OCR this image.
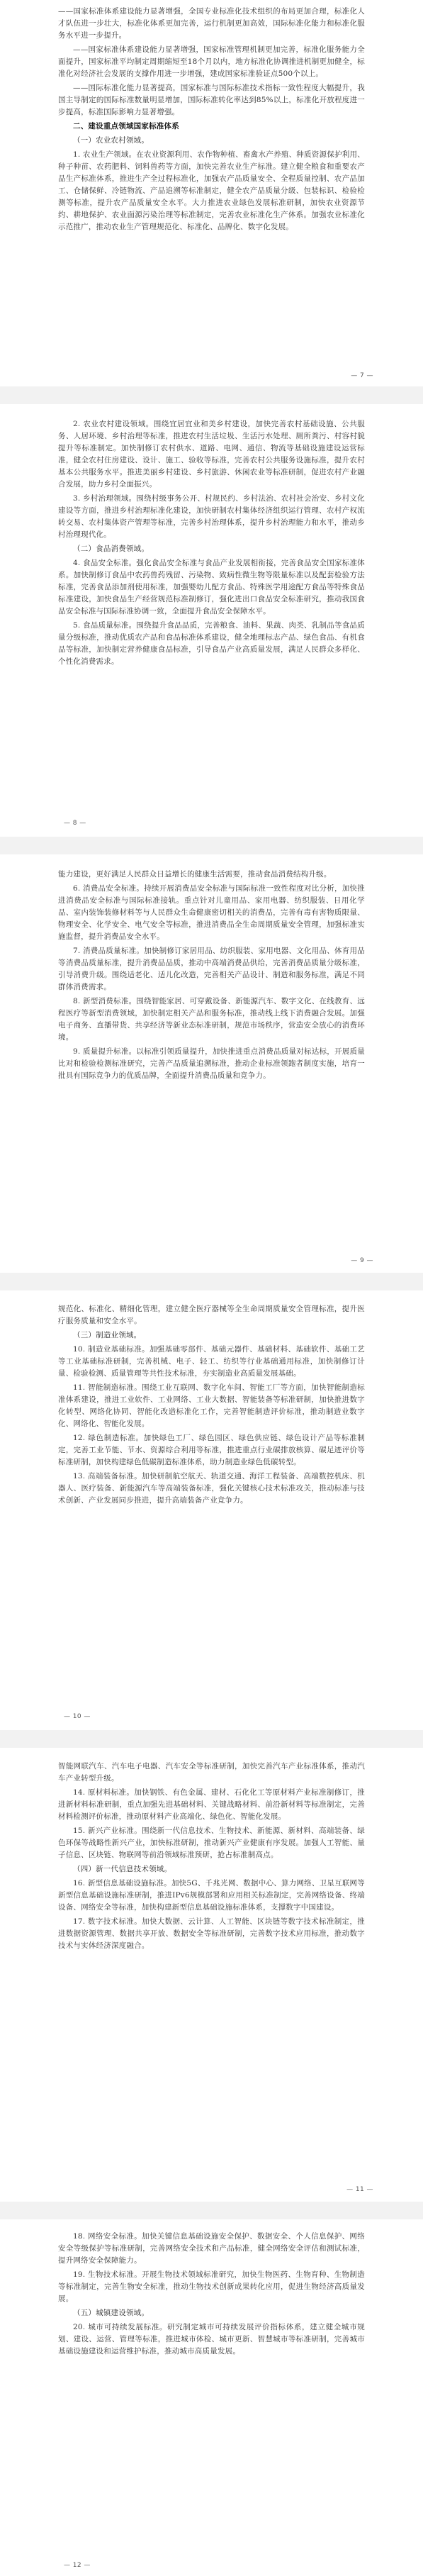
——国家标准体系建设能力显著增强，全国专业标准化技术组织的布局更加合理，标准化人才队伍进一步壮大，标准化体系更加完善，运行机制更加高效，国际标准化能力和标准化服务水平进一步提升。

——国家标准体系建设能力显著增强，国家标准管理机制更加完善，标准化服务能力全面提升，国家标准平均制定周期缩短至18个月以内，地方标准化协调推进机制更加健全，标准化对经济社会发展的支撑作用进一步增强，建成国家标准验证点500个以上。

——国际标准化能力显著提高，国家标准与国际标准技术指标一致性程度大幅提升，我国主导制定的国际标准数量明显增加，国际标准转化率达到85%以上，标准化开放程度进一步提高，标准国际影响力显著增强。

二、建设重点领域国家标准体系

（一）农业农村领域。

1. 农业生产领域。在农业资源利用、农作物种植、畜禽水产养殖、种质资源保护利用、种子种苗、农药肥料、饲料兽药等方面，加快完善农业生产标准。建立健全粮食和重要农产品生产标准体系，推进生产全过程标准化，加强农产品质量安全、全程质量控制、农产品加工、仓储保鲜、冷链物流、产品追溯等标准制定，健全农产品质量分级、包装标识、检验检测等标准，提升农产品质量安全水平。大力推进农业绿色发展标准研制，加快农业资源节约、耕地保护、农业面源污染治理等标准制定，完善农业标准化生产体系。加强农业标准化示范推广，推动农业生产管理规范化、标准化、品牌化、数字化发展。

— 7 —

2. 农业农村建设领域。围绕宜居宜业和美乡村建设，加快完善农村基础设施、公共服务、人居环境、乡村治理等标准，推进农村生活垃圾、生活污水处理、厕所粪污、村容村貌提升等标准制定。加快制修订农村供水、道路、电网、通信、物流等基础设施建设运营标准，健全农村住房建设、设计、施工、验收等标准，完善农村公共服务设施标准，提升农村基本公共服务水平。推进美丽乡村建设、乡村旅游、休闲农业等标准研制，促进农村产业融合发展，助力乡村全面振兴。

3. 乡村治理领域。围绕村级事务公开、村规民约、乡村法治、农村社会治安、乡村文化建设等方面，推进乡村治理标准化建设，加快研制农村集体经济组织运行管理、农村产权流转交易、农村集体资产管理等标准，完善乡村治理体系，提升乡村治理能力和水平，推动乡村治理现代化。

（二）食品消费领域。

4. 食品安全标准。强化食品安全标准与食品产业发展相衔接，完善食品安全国家标准体系。加快制修订食品中农药兽药残留、污染物、致病性微生物等限量标准以及配套检验方法标准，完善食品添加剂使用标准，加强婴幼儿配方食品、特殊医学用途配方食品等特殊食品标准建设，加快食品生产经营规范标准制修订，强化进出口食品安全标准研究，推动我国食品安全标准与国际标准协调一致，全面提升食品安全保障水平。

5. 食品质量标准。围绕提升食品品质，完善粮食、油料、果蔬、肉类、乳制品等食品质量分级标准，推动优质农产品和食品标准体系建设，健全地理标志产品、绿色食品、有机食品等标准，加快制定营养健康食品标准，引导食品产业高质量发展，满足人民群众多样化、个性化消费需求。

— 8 —

能力建设，更好满足人民群众日益增长的健康生活需要，推动食品消费结构升级。

6. 消费品安全标准。持续开展消费品安全标准与国际标准一致性程度对比分析，加快推进消费品安全标准与国际标准接轨。重点针对儿童用品、家用电器、纺织服装、日用化学品、室内装饰装修材料等与人民群众生命健康密切相关的消费品，完善有毒有害物质限量、物理安全、化学安全、电气安全等标准，推进消费品全生命周期质量安全管理，加强标准实施监督，提升消费品安全水平。

7. 消费品质量标准。加快制修订家居用品、纺织服装、家用电器、文化用品、体育用品等消费品质量标准，提升消费品品质，推动中高端消费品供给，完善消费品质量分级标准，引导消费升级。围绕适老化、适儿化改造，完善相关产品设计、制造和服务标准，满足不同群体消费需求。

8. 新型消费标准。围绕智能家居、可穿戴设备、新能源汽车、数字文化、在线教育、远程医疗等新型消费领域，加快制定相关产品和服务标准，推动线上线下消费融合发展。加强电子商务、直播带货、共享经济等新业态标准研制，规范市场秩序，营造安全放心的消费环境。

9. 质量提升标准。以标准引领质量提升，加快推进重点消费品质量对标达标，开展质量比对和检验检测标准研究，完善产品质量追溯标准，推动企业标准领跑者制度实施，培育一批具有国际竞争力的优质品牌，全面提升消费品质量和竞争力。

— 9 —

规范化、标准化、精细化管理，建立健全医疗器械等全生命周期质量安全管理标准，提升医疗服务质量和安全水平。

（三）制造业领域。

10. 制造业基础标准。加强基础零部件、基础元器件、基础材料、基础软件、基础工艺等工业基础标准研制，完善机械、电子、轻工、纺织等行业基础通用标准，加快制修订计量、检验检测、质量管理等共性技术标准，夯实制造业高质量发展基础。

11. 智能制造标准。围绕工业互联网、数字化车间、智能工厂等方面，加快智能制造标准体系建设，推进工业软件、工业网络、工业大数据、智能装备等标准研制，加快推进数字化转型、网络化协同、智能化改造标准化工作，完善智能制造评价标准，推动制造业数字化、网络化、智能化发展。

12. 绿色制造标准。加快绿色工厂、绿色园区、绿色供应链、绿色设计产品等标准制定，完善工业节能、节水、资源综合利用等标准，推进重点行业碳排放核算、碳足迹评价等标准研制，加快构建绿色低碳制造标准体系，助力制造业绿色低碳转型。

13. 高端装备标准。加快研制航空航天、轨道交通、海洋工程装备、高端数控机床、机器人、医疗装备、新能源汽车等高端装备标准，强化关键核心技术标准攻关，推动标准与技术创新、产业发展同步推进，提升高端装备产业竞争力。

— 10 —

智能网联汽车、汽车电子电器、汽车安全等标准研制，加快完善汽车产业标准体系，推动汽车产业转型升级。

14. 原材料标准。加快钢铁、有色金属、建材、石化化工等原材料产业标准制修订，推进新材料标准研制，重点加强先进基础材料、关键战略材料、前沿新材料等标准制定，完善材料检测评价标准，推动原材料产业高端化、绿色化、智能化发展。

15. 新兴产业标准。围绕新一代信息技术、生物技术、新能源、新材料、高端装备、绿色环保等战略性新兴产业，加快标准研制，推动新兴产业健康有序发展。加强人工智能、量子信息、区块链、物联网等前沿领域标准预研，抢占标准制高点。

（四）新一代信息技术领域。

16. 新型信息基础设施标准。加快5G、千兆光网、数据中心、算力网络、卫星互联网等新型信息基础设施标准研制，推进IPv6规模部署和应用相关标准制定，完善网络设备、终端设备、网络安全等标准，加快构建新型信息基础设施标准体系，支撑数字中国建设。

17. 数字技术标准。加快大数据、云计算、人工智能、区块链等数字技术标准制定，推进数据资源管理、数据共享开放、数据安全等标准研制，完善数字技术应用标准，推动数字技术与实体经济深度融合。

— 11 —

18. 网络安全标准。加快关键信息基础设施安全保护、数据安全、个人信息保护、网络安全等级保护等标准研制，完善网络安全技术和产品标准，健全网络安全评估和测试标准，提升网络安全保障能力。

19. 生物技术标准。开展生物技术领域标准研究，加快生物医药、生物育种、生物制造等标准制定，完善生物安全标准，推动生物技术创新成果转化应用，促进生物经济高质量发展。

（五）城镇建设领域。

20. 城市可持续发展标准。研究制定城市可持续发展评价指标体系，建立健全城市规划、建设、运营、管理等标准，推进城市体检、城市更新、智慧城市等标准研制，完善城市基础设施建设和运营维护标准，推动城市高质量发展。

— 12 —
